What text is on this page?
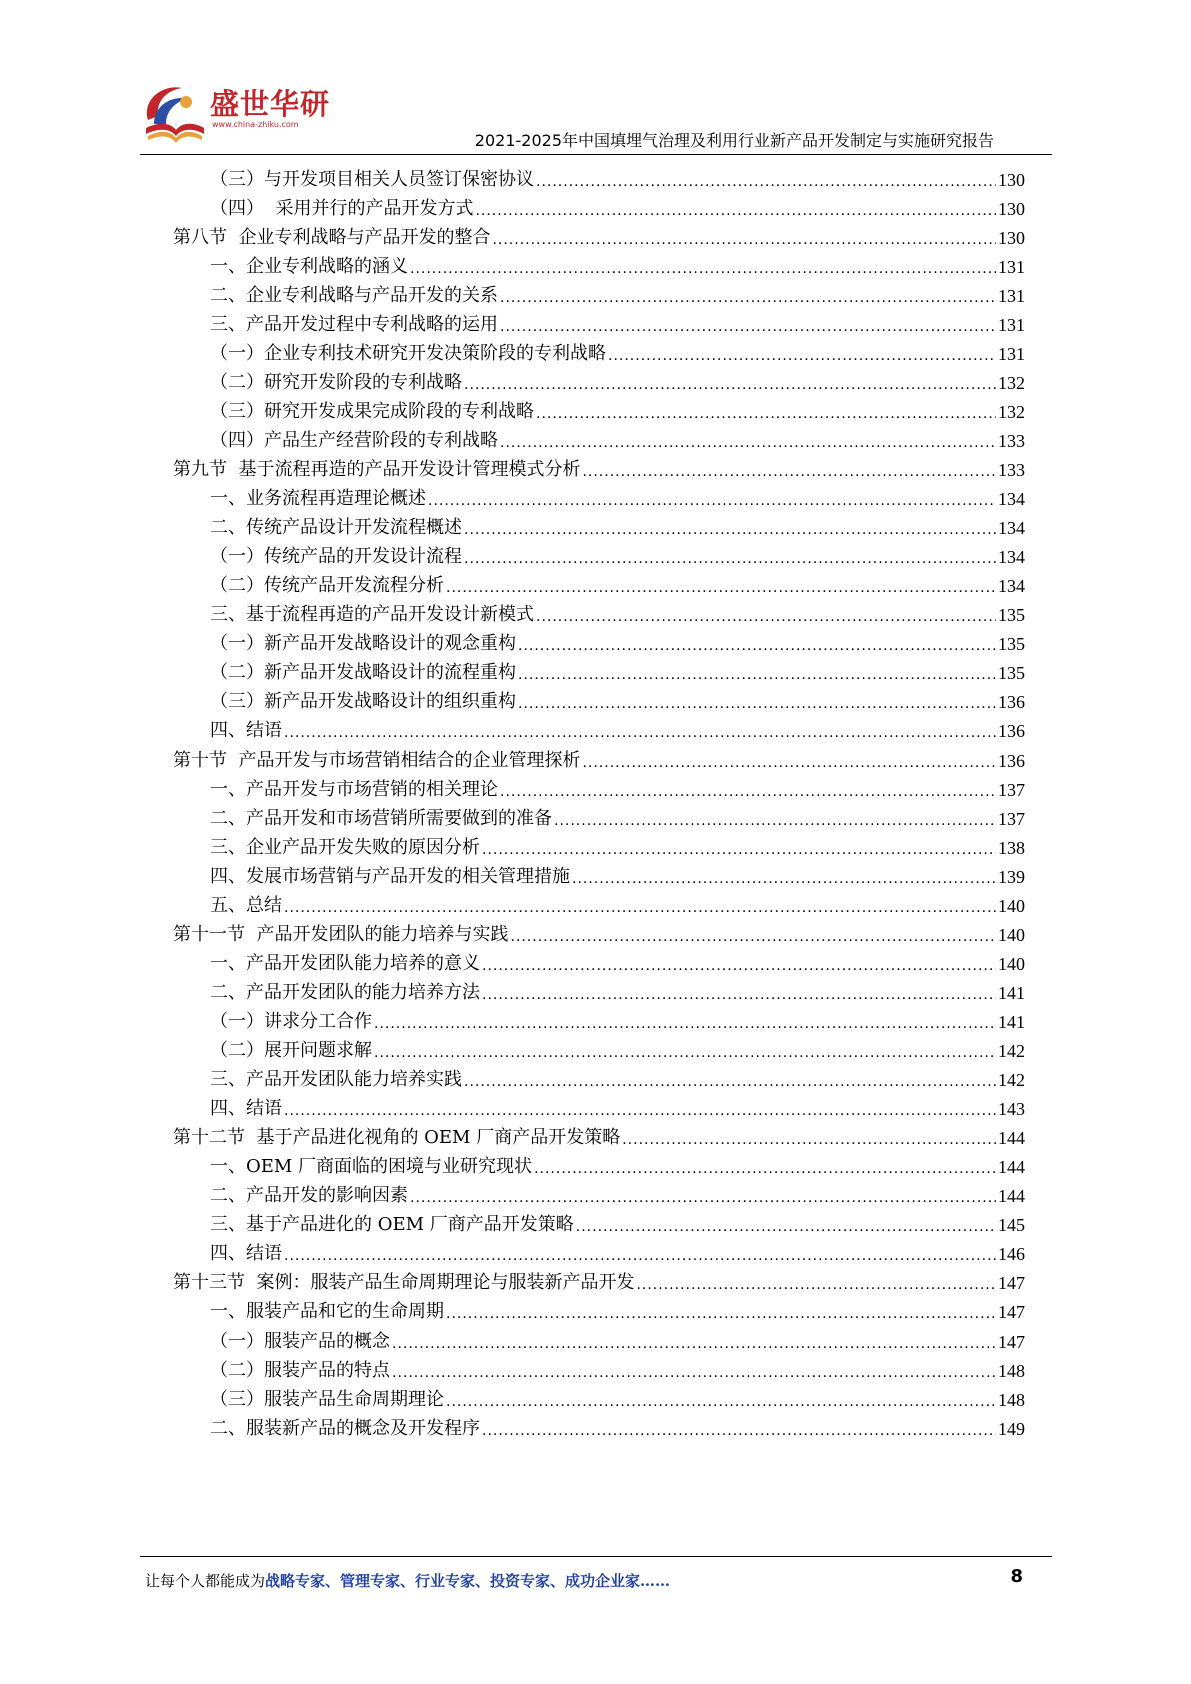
盛世华研
www.china-zhiku.com
2021-2025年中国填埋气治理及利用行业新产品开发制定与实施研究报告
（三）与开发项目相关人员签订保密协议 .....	130
（四）  采用并行的产品开发方式 .....	130
第八节  企业专利战略与产品开发的整合 .....	130
一、企业专利战略的涵义 .....	131
二、企业专利战略与产品开发的关系 .....	131
三、产品开发过程中专利战略的运用 .....	131
（一）企业专利技术研究开发决策阶段的专利战略 .....	131
（二）研究开发阶段的专利战略 .....	132
（三）研究开发成果完成阶段的专利战略 .....	132
（四）产品生产经营阶段的专利战略 .....	133
第九节  基于流程再造的产品开发设计管理模式分析 .....	133
一、业务流程再造理论概述 .....	134
二、传统产品设计开发流程概述 .....	134
（一）传统产品的开发设计流程 .....	134
（二）传统产品开发流程分析 .....	134
三、基于流程再造的产品开发设计新模式 .....	135
（一）新产品开发战略设计的观念重构 .....	135
（二）新产品开发战略设计的流程重构 .....	135
（三）新产品开发战略设计的组织重构 .....	136
四、结语 .....	136
第十节  产品开发与市场营销相结合的企业管理探析 .....	136
一、产品开发与市场营销的相关理论 .....	137
二、产品开发和市场营销所需要做到的准备 .....	137
三、企业产品开发失败的原因分析 .....	138
四、发展市场营销与产品开发的相关管理措施 .....	139
五、总结 .....	140
第十一节  产品开发团队的能力培养与实践 .....	140
一、产品开发团队能力培养的意义 .....	140
二、产品开发团队的能力培养方法 .....	141
（一）讲求分工合作 .....	141
（二）展开问题求解 .....	142
三、产品开发团队能力培养实践 .....	142
四、结语 .....	143
第十二节  基于产品进化视角的 OEM 厂商产品开发策略 .....	144
一、OEM 厂商面临的困境与业研究现状 .....	144
二、产品开发的影响因素 .....	144
三、基于产品进化的 OEM 厂商产品开发策略 .....	145
四、结语 .....	146
第十三节  案例：服装产品生命周期理论与服装新产品开发 .....	147
一、服装产品和它的生命周期 .....	147
（一）服装产品的概念 .....	147
（二）服装产品的特点 .....	148
（三）服装产品生命周期理论 .....	148
二、服装新产品的概念及开发程序 .....	149
让每个人都能成为战略专家、管理专家、行业专家、投资专家、成功企业家……	8
